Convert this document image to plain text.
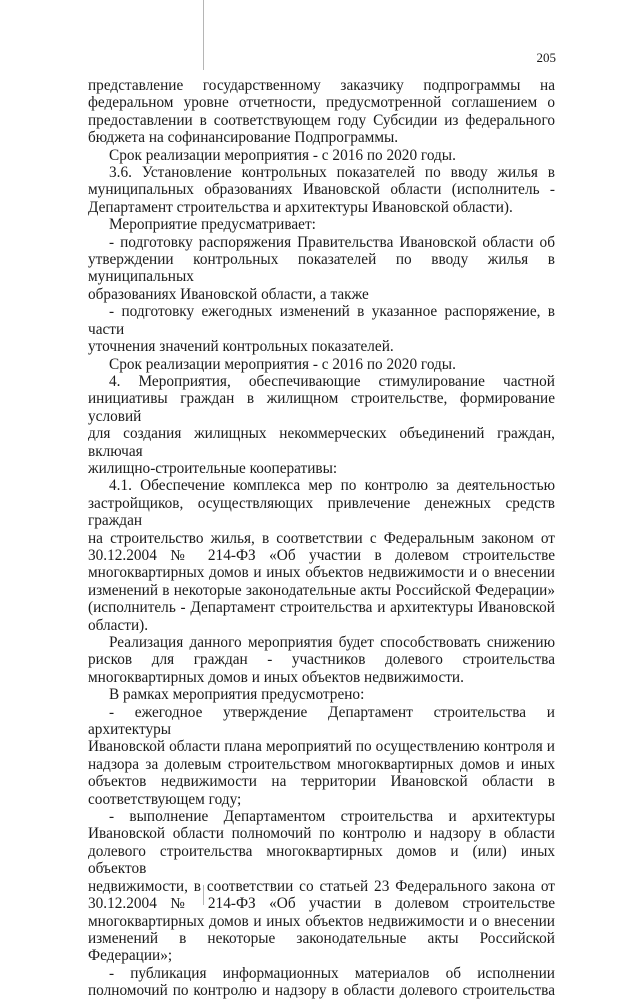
205

представление государственному заказчику подпрограммы на

федеральном уровне отчетности, предусмотренной соглашением о

предоставлении в соответствующем году Субсидии из федерального

бюджета на софинансирование Подпрограммы.

Срок реализации мероприятия - с 2016 по 2020 годы.

3.6. Установление контрольных показателей по вводу жилья в

муниципальных образованиях Ивановской области (исполнитель -

Департамент строительства и архитектуры Ивановской области).

Мероприятие предусматривает:

- подготовку распоряжения Правительства Ивановской области об

утверждении контрольных показателей по вводу жилья в муниципальных

образованиях Ивановской области, а также

- подготовку ежегодных изменений в указанное распоряжение, в части

уточнения значений контрольных показателей.

Срок реализации мероприятия - с 2016 по 2020 годы.

4. Мероприятия, обеспечивающие стимулирование частной

инициативы граждан в жилищном строительстве, формирование условий

для создания жилищных некоммерческих объединений граждан, включая

жилищно-строительные кооперативы:

4.1. Обеспечение комплекса мер по контролю за деятельностью

застройщиков, осуществляющих привлечение денежных средств граждан

на строительство жилья, в соответствии с Федеральным законом от

30.12.2004 № 214-ФЗ «Об участии в долевом строительстве

многоквартирных домов и иных объектов недвижимости и о внесении

изменений в некоторые законодательные акты Российской Федерации»

(исполнитель - Департамент строительства и архитектуры Ивановской

области).

Реализация данного мероприятия будет способствовать снижению

рисков для граждан - участников долевого строительства

многоквартирных домов и иных объектов недвижимости.

В рамках мероприятия предусмотрено:

- ежегодное утверждение Департамент строительства и архитектуры

Ивановской области плана мероприятий по осуществлению контроля и

надзора за долевым строительством многоквартирных домов и иных

объектов недвижимости на территории Ивановской области в

соответствующем году;

- выполнение Департаментом строительства и архитектуры

Ивановской области полномочий по контролю и надзору в области

долевого строительства многоквартирных домов и (или) иных объектов

недвижимости, в соответствии со статьей 23 Федерального закона от

30.12.2004 № 214-ФЗ «Об участии в долевом строительстве

многоквартирных домов и иных объектов недвижимости и о внесении

изменений в некоторые законодательные акты Российской Федерации»;

- публикация информационных материалов об исполнении

полномочий по контролю и надзору в области долевого строительства
